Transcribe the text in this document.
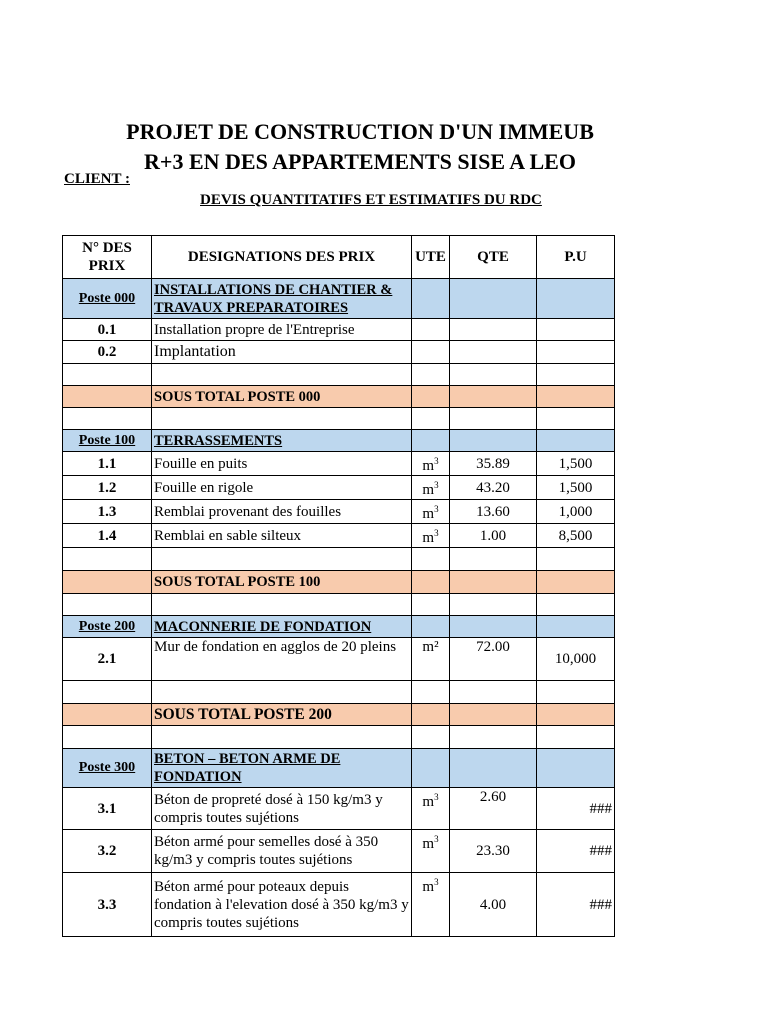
PROJET DE CONSTRUCTION D'UN IMMEUB
R+3 EN DES APPARTEMENTS SISE A LEO
CLIENT :
DEVIS QUANTITATIFS ET ESTIMATIFS DU RDC
N° DES PRIX	DESIGNATIONS DES PRIX	UTE	QTE	P.U
Poste 000	INSTALLATIONS DE CHANTIER & TRAVAUX PREPARATOIRES			
0.1	Installation propre de l'Entreprise			
0.2	Implantation			

	SOUS TOTAL POSTE 000			

Poste 100	TERRASSEMENTS			
1.1	Fouille en puits	$m^3$	35.89	1,500
1.2	Fouille en rigole	$m^3$	43.20	1,500
1.3	Remblai provenant des fouilles	$m^3$	13.60	1,000
1.4	Remblai en sable silteux	$m^3$	1.00	8,500

	SOUS TOTAL POSTE 100			

Poste 200	MACONNERIE DE FONDATION			
2.1	Mur de fondation en agglos de 20 pleins	m²	72.00	10,000

	SOUS TOTAL POSTE 200			

Poste 300	BETON – BETON ARME DE FONDATION			
3.1	Béton de propreté dosé à 150 kg/m3 y compris toutes sujétions	$m^3$	2.60	###
3.2	Béton armé pour semelles dosé à 350 kg/m3 y compris toutes sujétions	$m^3$	23.30	###
3.3	Béton armé pour poteaux depuis fondation à l'elevation dosé à 350 kg/m3 y compris toutes sujétions	$m^3$	4.00	###
